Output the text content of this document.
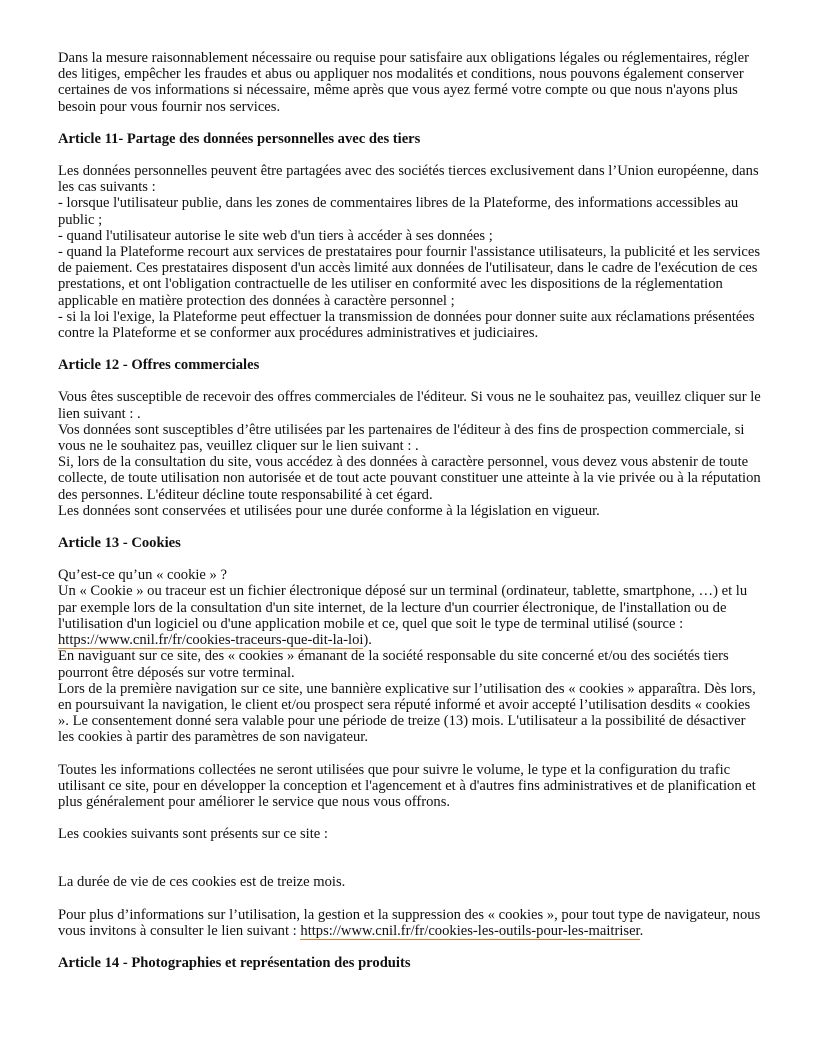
Dans la mesure raisonnablement nécessaire ou requise pour satisfaire aux obligations légales ou réglementaires, régler des litiges, empêcher les fraudes et abus ou appliquer nos modalités et conditions, nous pouvons également conserver certaines de vos informations si nécessaire, même après que vous ayez fermé votre compte ou que nous n'ayons plus besoin pour vous fournir nos services.

Article 11- Partage des données personnelles avec des tiers

Les données personnelles peuvent être partagées avec des sociétés tierces exclusivement dans l’Union européenne, dans les cas suivants :

- lorsque l'utilisateur publie, dans les zones de commentaires libres de la Plateforme, des informations accessibles au public ;

- quand l'utilisateur autorise le site web d'un tiers à accéder à ses données ;

- quand la Plateforme recourt aux services de prestataires pour fournir l'assistance utilisateurs, la publicité et les services de paiement. Ces prestataires disposent d'un accès limité aux données de l'utilisateur, dans le cadre de l'exécution de ces prestations, et ont l'obligation contractuelle de les utiliser en conformité avec les dispositions de la réglementation applicable en matière protection des données à caractère personnel ;

- si la loi l'exige, la Plateforme peut effectuer la transmission de données pour donner suite aux réclamations présentées contre la Plateforme et se conformer aux procédures administratives et judiciaires.

Article 12 - Offres commerciales

Vous êtes susceptible de recevoir des offres commerciales de l'éditeur. Si vous ne le souhaitez pas, veuillez cliquer sur le lien suivant : .

Vos données sont susceptibles d’être utilisées par les partenaires de l'éditeur à des fins de prospection commerciale, si vous ne le souhaitez pas, veuillez cliquer sur le lien suivant : .

Si, lors de la consultation du site, vous accédez à des données à caractère personnel, vous devez vous abstenir de toute collecte, de toute utilisation non autorisée et de tout acte pouvant constituer une atteinte à la vie privée ou à la réputation des personnes. L'éditeur décline toute responsabilité à cet égard.

Les données sont conservées et utilisées pour une durée conforme à la législation en vigueur.

Article 13 - Cookies

Qu’est-ce qu’un « cookie » ?

Un « Cookie » ou traceur est un fichier électronique déposé sur un terminal (ordinateur, tablette, smartphone, …) et lu par exemple lors de la consultation d'un site internet, de la lecture d'un courrier électronique, de l'installation ou de l'utilisation d'un logiciel ou d'une application mobile et ce, quel que soit le type de terminal utilisé (source : https://www.cnil.fr/fr/cookies-traceurs-que-dit-la-loi).

En naviguant sur ce site, des « cookies » émanant de la société responsable du site concerné et/ou des sociétés tiers pourront être déposés sur votre terminal.

Lors de la première navigation sur ce site, une bannière explicative sur l’utilisation des « cookies » apparaîtra. Dès lors, en poursuivant la navigation, le client et/ou prospect sera réputé informé et avoir accepté l’utilisation desdits « cookies ». Le consentement donné sera valable pour une période de treize (13) mois. L'utilisateur a la possibilité de désactiver les cookies à partir des paramètres de son navigateur.

Toutes les informations collectées ne seront utilisées que pour suivre le volume, le type et la configuration du trafic utilisant ce site, pour en développer la conception et l'agencement et à d'autres fins administratives et de planification et plus généralement pour améliorer le service que nous vous offrons.

Les cookies suivants sont présents sur ce site :

La durée de vie de ces cookies est de treize mois.

Pour plus d’informations sur l’utilisation, la gestion et la suppression des « cookies », pour tout type de navigateur, nous vous invitons à consulter le lien suivant : https://www.cnil.fr/fr/cookies-les-outils-pour-les-maitriser.

Article 14 - Photographies et représentation des produits
